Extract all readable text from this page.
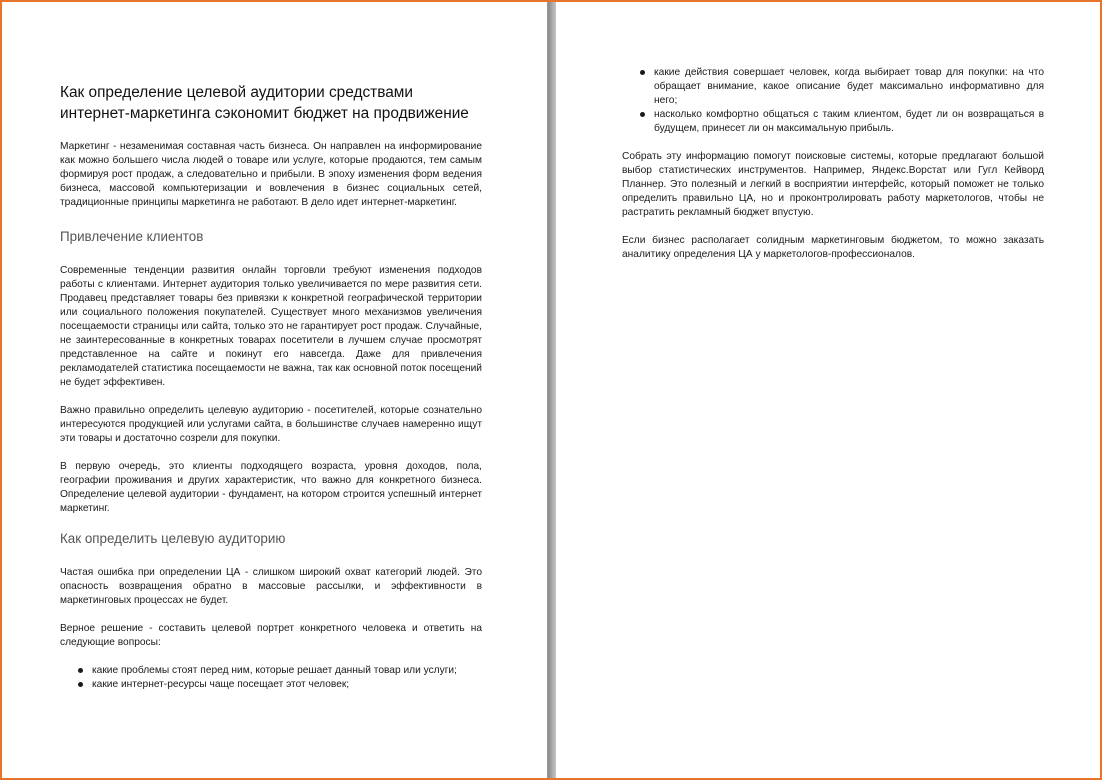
Как определение целевой аудитории средствами интернет-маркетинга сэкономит бюджет на продвижение

Маркетинг - незаменимая составная часть бизнеса. Он направлен на информирование как можно большего числа людей о товаре или услуге, которые продаются, тем самым формируя рост продаж, а следовательно и прибыли. В эпоху изменения форм ведения бизнеса, массовой компьютеризации и вовлечения в бизнес социальных сетей, традиционные принципы маркетинга не работают. В дело идет интернет-маркетинг.

Привлечение клиентов

Современные тенденции развития онлайн торговли требуют изменения подходов работы с клиентами. Интернет аудитория только увеличивается по мере развития сети. Продавец представляет товары без привязки к конкретной географической территории или социального положения покупателей. Существует много механизмов увеличения посещаемости страницы или сайта, только это не гарантирует рост продаж. Случайные, не заинтересованные в конкретных товарах посетители в лучшем случае просмотрят представленное на сайте и покинут его навсегда. Даже для привлечения рекламодателей статистика посещаемости не важна, так как основной поток посещений не будет эффективен.

Важно правильно определить целевую аудиторию - посетителей, которые сознательно интересуются продукцией или услугами сайта, в большинстве случаев намеренно ищут эти товары и достаточно созрели для покупки.

В первую очередь, это клиенты подходящего возраста, уровня доходов, пола, географии проживания и других характеристик, что важно для конкретного бизнеса. Определение целевой аудитории - фундамент, на котором строится успешный интернет маркетинг.

Как определить целевую аудиторию

Частая ошибка при определении ЦА - слишком широкий охват категорий людей. Это опасность возвращения обратно в массовые рассылки, и эффективности в маркетинговых процессах не будет.

Верное решение - составить целевой портрет конкретного человека и ответить на следующие вопросы:

какие проблемы стоят перед ним, которые решает данный товар или услуги;
какие интернет-ресурсы чаще посещает этот человек;
какие действия совершает человек, когда выбирает товар для покупки: на что обращает внимание, какое описание будет максимально информативно для него;
насколько комфортно общаться с таким клиентом, будет ли он возвращаться в будущем, принесет ли он максимальную прибыль.

Собрать эту информацию помогут поисковые системы, которые предлагают большой выбор статистических инструментов. Например, Яндекс.Ворстат или Гугл Кейворд Планнер. Это полезный и легкий в восприятии интерфейс, который поможет не только определить правильно ЦА, но и проконтролировать работу маркетологов, чтобы не растратить рекламный бюджет впустую.

Если бизнес располагает солидным маркетинговым бюджетом, то можно заказать аналитику определения ЦА у маркетологов-профессионалов.
